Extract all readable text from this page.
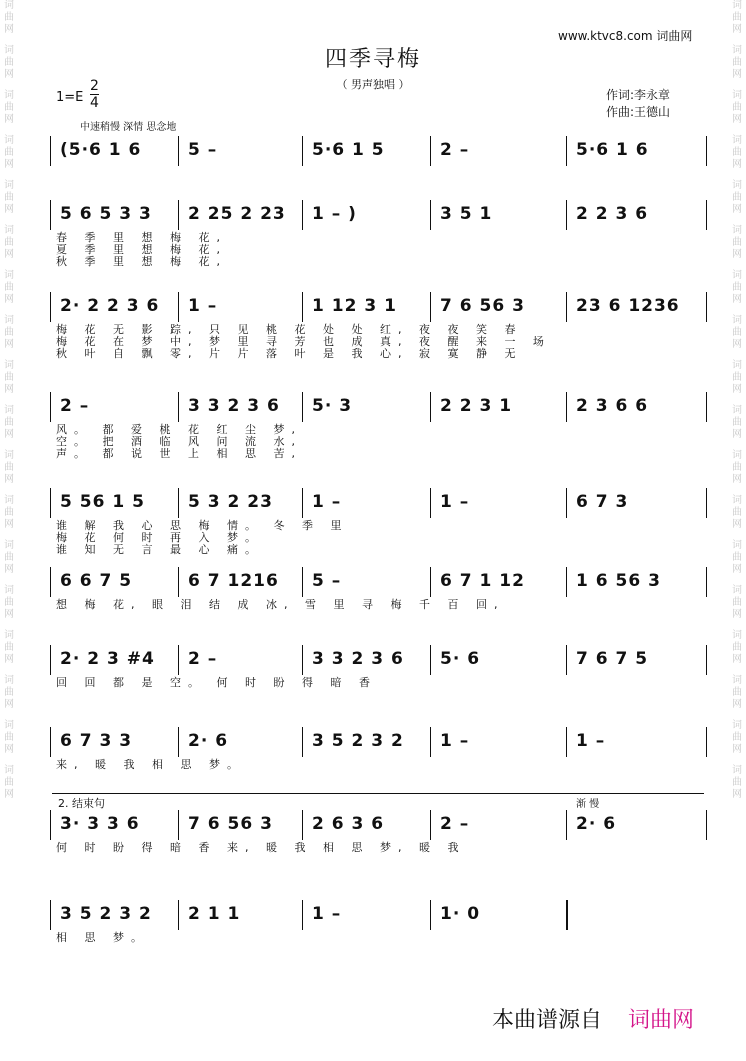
词
曲
网
词
曲
网
词
曲
网
词
曲
网
词
曲
网
词
曲
网
词
曲
网
词
曲
网
词
曲
网
词
曲
网
词
曲
网
词
曲
网
词
曲
网
词
曲
网
词
曲
网
词
曲
网
词
曲
网
词
曲
网
词
曲
网
词
曲
网
词
曲
网
词
曲
网
词
曲
网
词
曲
网
词
曲
网
词
曲
网
词
曲
网
词
曲
网
词
曲
网
词
曲
网
词
曲
网
词
曲
网
词
曲
网
词
曲
网
词
曲
网
词
曲
网
www.ktvc8.com 词曲网
四季寻梅
（ 男声独唱 ）
1=E
2
4
中速稍慢 深情 思念地
作词:李永章
作曲:王德山
(5·6 1 6	5 –	5·6 1 5	2 –	5·6 1 6
5 6 5 3 3 2 25 2 23 1 – )	3 5 1	2 2 3 6
春 季 里 想 梅 花,
夏 季 里 想 梅 花,
秋 季 里 想 梅 花,
2· 2 2 3 6 1 –	1 12 3 1	7 6 56 3	23 6 1236
梅 花 无 影 踪, 只 见 桃 花 处 处 红, 夜 夜 笑 春
梅 花 在 梦 中, 梦 里 寻 芳 也 成 真, 夜 醒 来 一 场
秋 叶 自 飘 零, 片 片 落 叶 是 我 心, 寂 寞 静 无
2 –	3 3 2 3 6 5· 3	2 2 3 1	2 3 6 6
风。 都 爱 桃 花 红 尘 梦,
空。 把 酒 临 风 问 流 水,
声。 都 说 世 上 相 思 苦,
5 56 1 5	5 3 2 23 1 –	1 –	6 7 3
谁 解 我 心 思 梅 情。 冬 季 里
梅 花 何 时 再 入 梦。
谁 知 无 言 最 心 痛。
6 6 7 5	6 7 1216 5 –	6 7 1 12	1 6 56 3
想 梅 花, 眼 泪 结 成 冰, 雪 里 寻 梅 千 百 回,
2· 2 3 #4 2 –	3 3 2 3 6 5· 6	7 6 7 5
回 回 都 是 空。 何 时 盼 得 暗 香
6 7 3 3	2· 6	3 5 2 3 2 1 –	1 –
来, 暖 我 相 思 梦。
3· 3 3 6	7 6 56 3 2 6 3 6	2 –	2· 6
何 时 盼 得 暗 香 来, 暖 我 相 思 梦, 暖 我
3 5 2 3 2 2 1 1	1 –	1· 0
相 思 梦。
2. 结束句	渐 慢
本曲谱源自 词曲网
